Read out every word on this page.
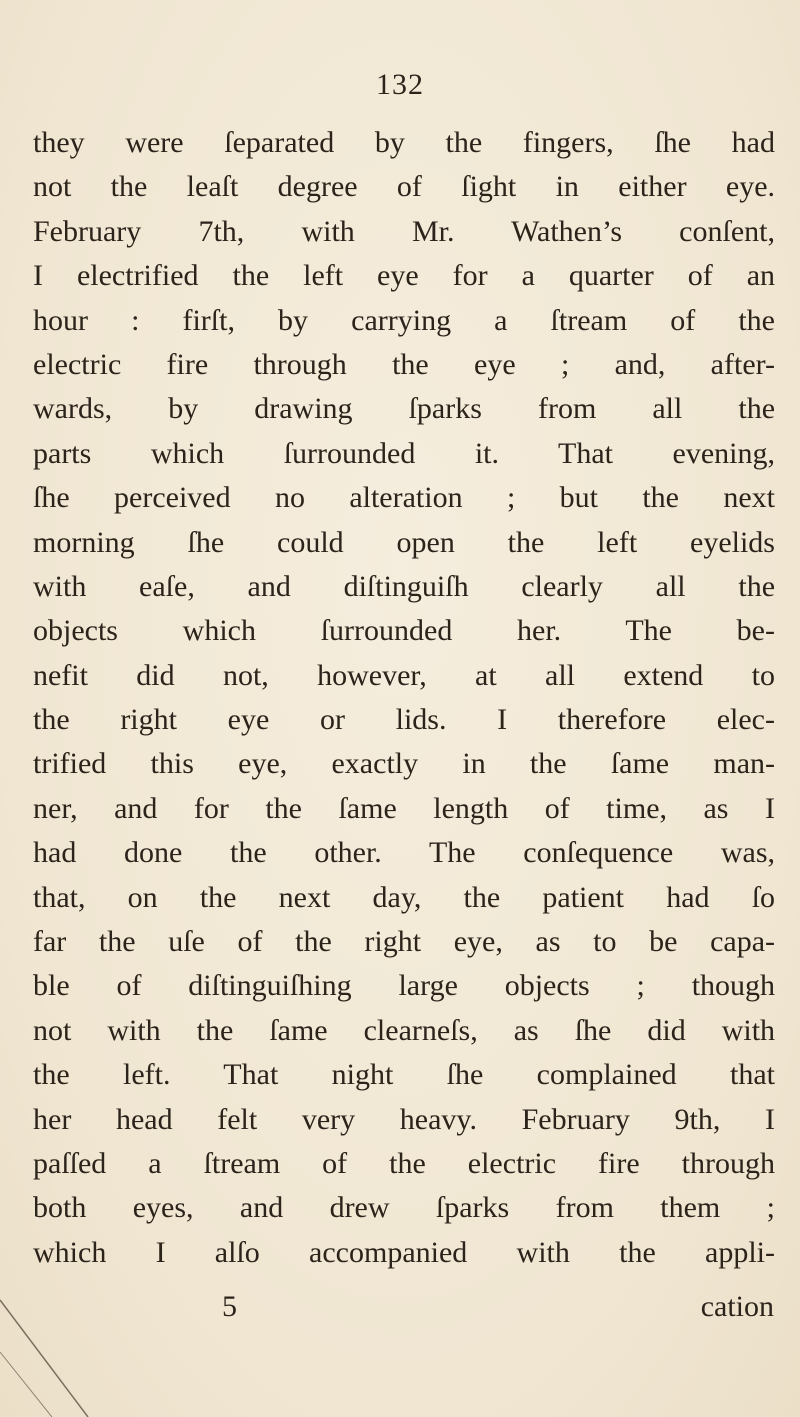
132
they were ſeparated by the fingers, ſhe had
not the leaſt degree of ſight in either eye.
February 7th, with Mr. Wathen’s conſent,
I electrified the left eye for a quarter of an
hour : firſt, by carrying a ſtream of the
electric fire through the eye ; and, after-
wards, by drawing ſparks from all the
parts which ſurrounded it. That evening,
ſhe perceived no alteration ; but the next
morning ſhe could open the left eyelids
with eaſe, and diſtinguiſh clearly all the
objects which ſurrounded her. The be-
nefit did not, however, at all extend to
the right eye or lids. I therefore elec-
trified this eye, exactly in the ſame man-
ner, and for the ſame length of time, as I
had done the other. The conſequence was,
that, on the next day, the patient had ſo
far the uſe of the right eye, as to be capa-
ble of diſtinguiſhing large objects ; though
not with the ſame clearneſs, as ſhe did with
the left. That night ſhe complained that
her head felt very heavy. February 9th, I
paſſed a ſtream of the electric fire through
both eyes, and drew ſparks from them ;
which I alſo accompanied with the appli-
5	cation
